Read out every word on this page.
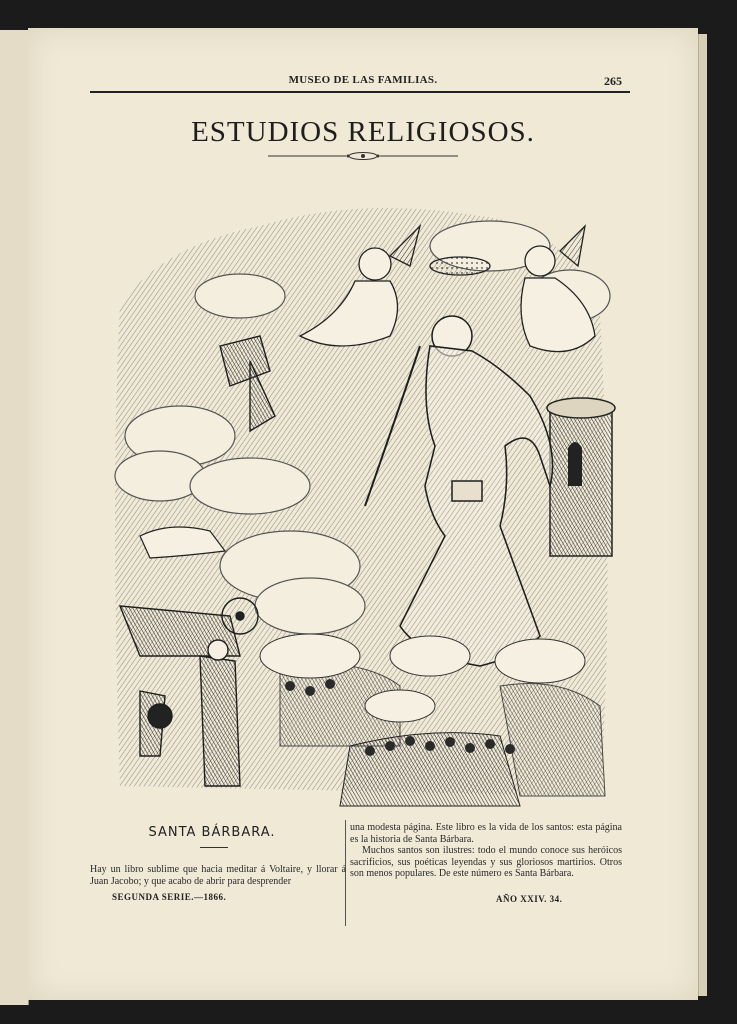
MUSEO DE LAS FAMILIAS.	265
ESTUDIOS RELIGIOSOS.
SANTA BÁRBARA.

Hay un libro sublime que hacia meditar á Voltaire, y llorar á Juan Jacobo; y que acabo de abrir para desprender

una modesta página. Este libro es la vida de los santos: esta página es la historia de Santa Bárbara.

Muchos santos son ilustres: todo el mundo conoce sus heróicos sacrificios, sus poéticas leyendas y sus gloriosos martirios. Otros son menos populares. De este número es Santa Bárbara.

SEGUNDA SERIE.—1866.	AÑO XXIV. 34.
